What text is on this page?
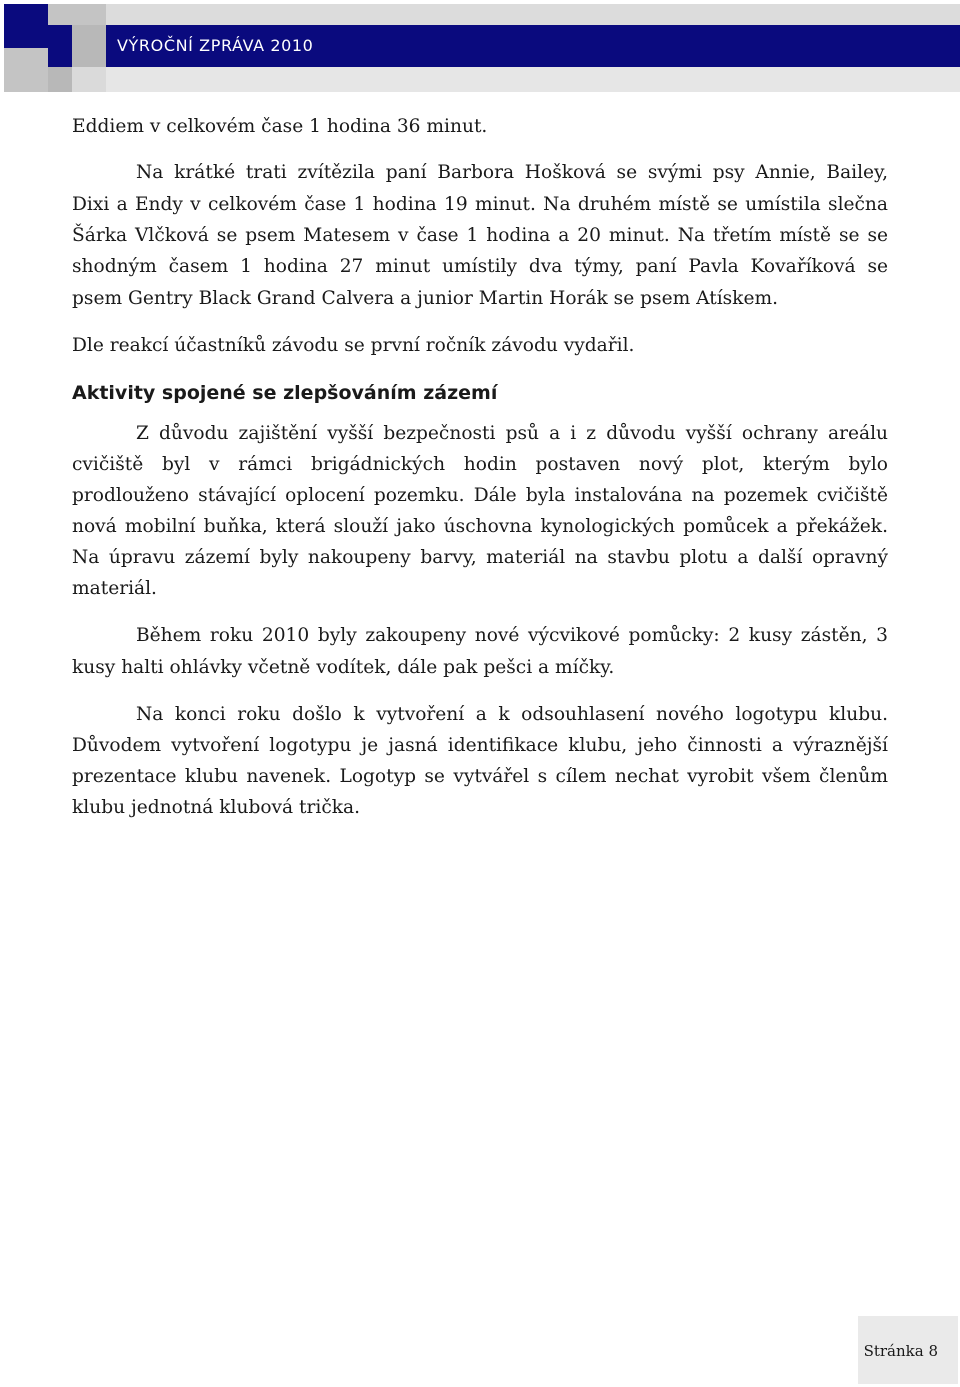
VÝROČNÍ ZPRÁVA 2010
Eddiem v celkovém čase 1 hodina 36 minut.
Na krátké trati zvítězila paní Barbora Hošková se svými psy Annie, Bailey,
Dixi a Endy v celkovém čase 1 hodina 19 minut. Na druhém místě se umístila slečna
Šárka Vlčková se psem Matesem v čase 1 hodina a 20 minut. Na třetím místě se se
shodným časem 1 hodina 27 minut umístily dva týmy, paní Pavla Kovaříková se
psem Gentry Black Grand Calvera a junior Martin Horák se psem Atískem.
Dle reakcí účastníků závodu se první ročník závodu vydařil.
Aktivity spojené se zlepšováním zázemí
Z důvodu zajištění vyšší bezpečnosti psů a i z důvodu vyšší ochrany areálu
cvičiště byl v rámci brigádnických hodin postaven nový plot, kterým bylo
prodlouženo stávající oplocení pozemku. Dále byla instalována na pozemek cvičiště
nová mobilní buňka, která slouží jako úschovna kynologických pomůcek a překážek.
Na úpravu zázemí byly nakoupeny barvy, materiál na stavbu plotu a další opravný
materiál.
Během roku 2010 byly zakoupeny nové výcvikové pomůcky: 2 kusy zástěn, 3
kusy halti ohlávky včetně vodítek, dále pak pešci a míčky.
Na konci roku došlo k vytvoření a k odsouhlasení nového logotypu klubu.
Důvodem vytvoření logotypu je jasná identifikace klubu, jeho činnosti a výraznější
prezentace klubu navenek. Logotyp se vytvářel s cílem nechat vyrobit všem členům
klubu jednotná klubová trička.
Stránka 8
